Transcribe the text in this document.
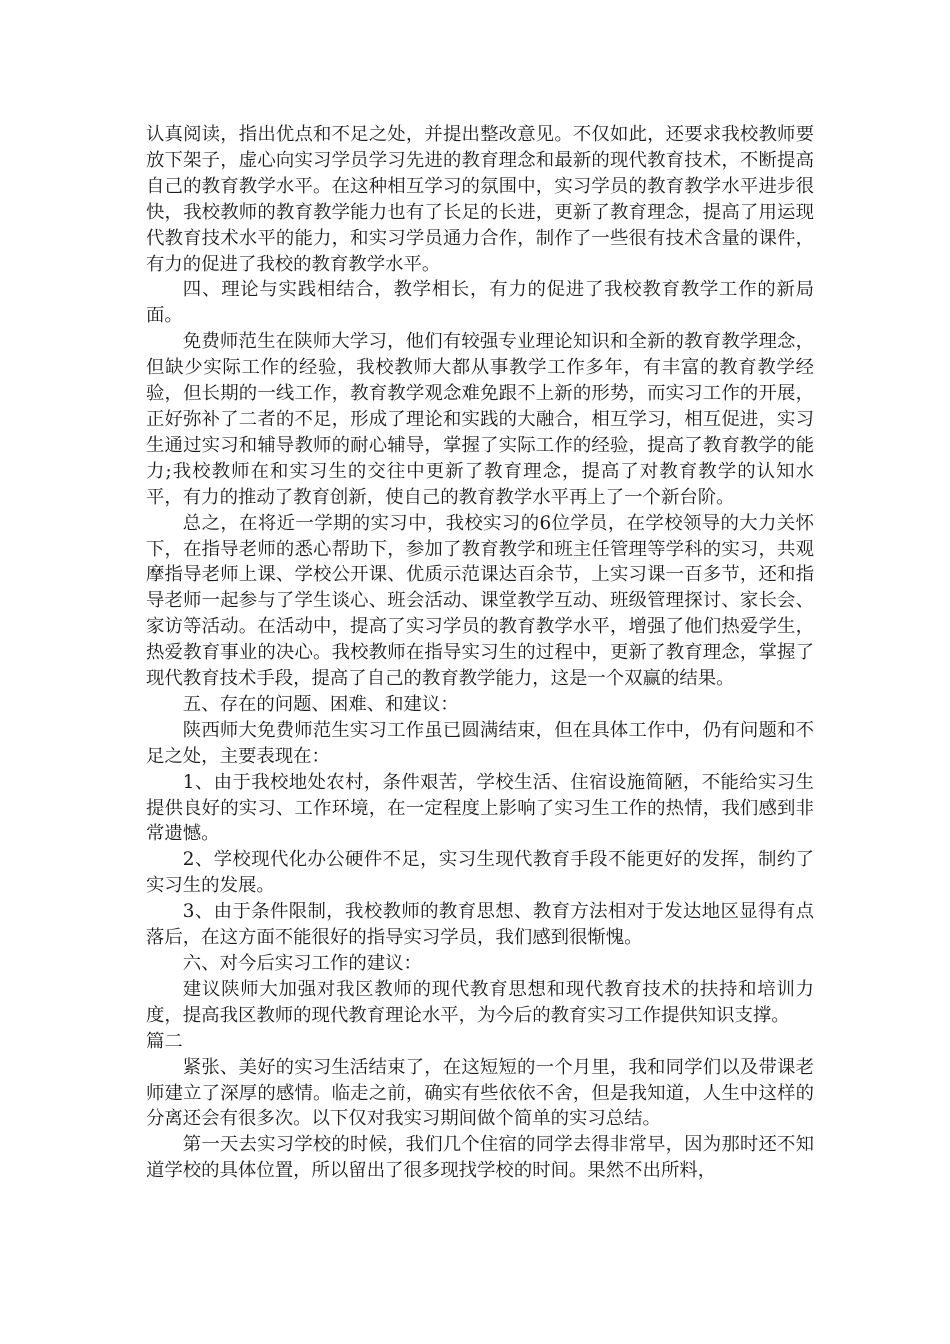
认真阅读，指出优点和不足之处，并提出整改意见。不仅如此，还要求我校教师要放下架子，虚心向实习学员学习先进的教育理念和最新的现代教育技术，不断提高自己的教育教学水平。在这种相互学习的氛围中，实习学员的教育教学水平进步很快，我校教师的教育教学能力也有了长足的长进，更新了教育理念，提高了用运现代教育技术水平的能力，和实习学员通力合作，制作了一些很有技术含量的课件，有力的促进了我校的教育教学水平。

四、理论与实践相结合，教学相长，有力的促进了我校教育教学工作的新局面。

免费师范生在陕师大学习，他们有较强专业理论知识和全新的教育教学理念，但缺少实际工作的经验，我校教师大都从事教学工作多年，有丰富的教育教学经验，但长期的一线工作，教育教学观念难免跟不上新的形势，而实习工作的开展，正好弥补了二者的不足，形成了理论和实践的大融合，相互学习，相互促进，实习生通过实习和辅导教师的耐心辅导，掌握了实际工作的经验，提高了教育教学的能力;我校教师在和实习生的交往中更新了教育理念，提高了对教育教学的认知水平，有力的推动了教育创新，使自己的教育教学水平再上了一个新台阶。

总之，在将近一学期的实习中，我校实习的6位学员，在学校领导的大力关怀下，在指导老师的悉心帮助下，参加了教育教学和班主任管理等学科的实习，共观摩指导老师上课、学校公开课、优质示范课达百余节，上实习课一百多节，还和指导老师一起参与了学生谈心、班会活动、课堂教学互动、班级管理探讨、家长会、家访等活动。在活动中，提高了实习学员的教育教学水平，增强了他们热爱学生，热爱教育事业的决心。我校教师在指导实习生的过程中，更新了教育理念，掌握了现代教育技术手段，提高了自己的教育教学能力，这是一个双赢的结果。

五、存在的问题、困难、和建议：

陕西师大免费师范生实习工作虽已圆满结束，但在具体工作中，仍有问题和不足之处，主要表现在：

1、由于我校地处农村，条件艰苦，学校生活、住宿设施简陋，不能给实习生提供良好的实习、工作环境，在一定程度上影响了实习生工作的热情，我们感到非常遗憾。

2、学校现代化办公硬件不足，实习生现代教育手段不能更好的发挥，制约了实习生的发展。

3、由于条件限制，我校教师的教育思想、教育方法相对于发达地区显得有点落后，在这方面不能很好的指导实习学员，我们感到很惭愧。

六、对今后实习工作的建议：

建议陕师大加强对我区教师的现代教育思想和现代教育技术的扶持和培训力度，提高我区教师的现代教育理论水平，为今后的教育实习工作提供知识支撑。

篇二

紧张、美好的实习生活结束了，在这短短的一个月里，我和同学们以及带课老师建立了深厚的感情。临走之前，确实有些依依不舍，但是我知道，人生中这样的分离还会有很多次。以下仅对我实习期间做个简单的实习总结。

第一天去实习学校的时候，我们几个住宿的同学去得非常早，因为那时还不知道学校的具体位置，所以留出了很多现找学校的时间。果然不出所料，
